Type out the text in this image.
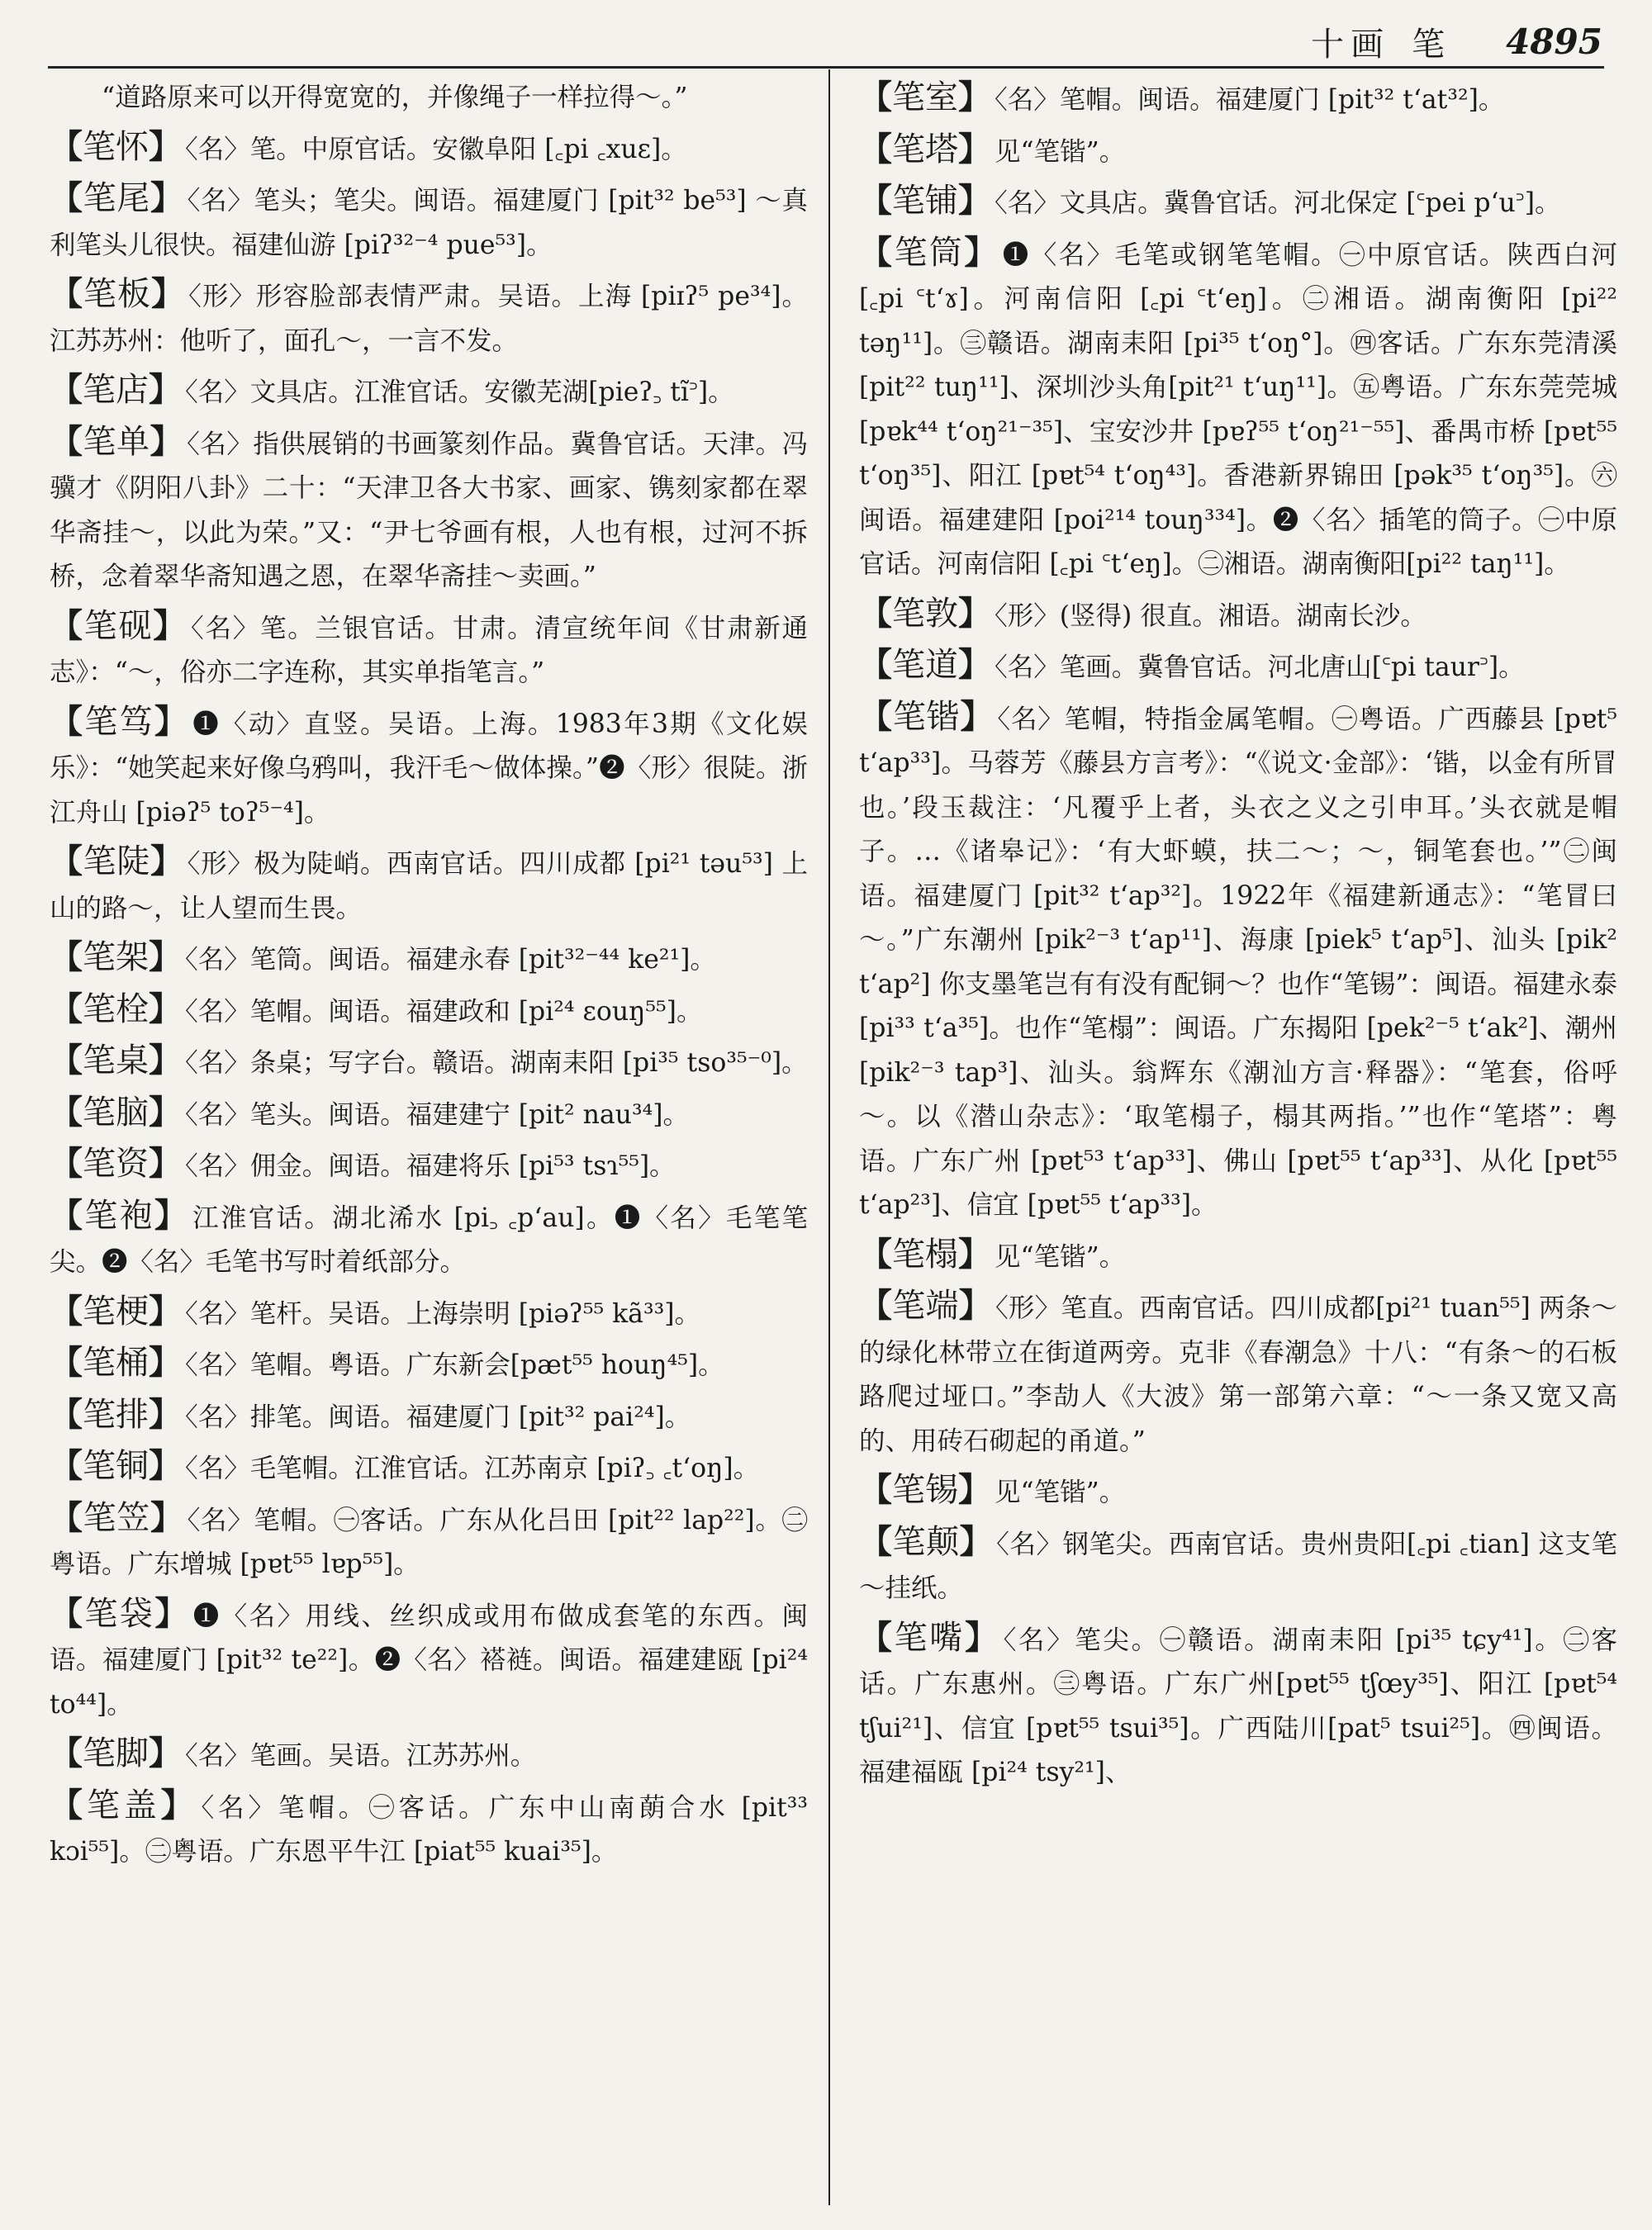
十画 笔 4895

“道路原来可以开得宽宽的，并像绳子一样拉得～。”

【笔怀】 〈名〉笔。中原官话。安徽阜阳 [꜀pi ꜀xuɛ]。

【笔尾】 〈名〉笔头；笔尖。闽语。福建厦门 [pit³² be⁵³] ～真利笔头儿很快。福建仙游 [piʔ³²⁻⁴ pue⁵³]。

【笔板】 〈形〉形容脸部表情严肃。吴语。上海 [piɪʔ⁵ pe³⁴]。江苏苏州：他听了，面孔～，一言不发。

【笔店】 〈名〉文具店。江淮官话。安徽芜湖[pieʔ꜆ tĩ꜄]。

【笔单】 〈名〉指供展销的书画篆刻作品。冀鲁官话。天津。冯骥才《阴阳八卦》二十：“天津卫各大书家、画家、镌刻家都在翠华斋挂～，以此为荣。”又：“尹七爷画有根，人也有根，过河不拆桥，念着翠华斋知遇之恩，在翠华斋挂～卖画。”

【笔砚】 〈名〉笔。兰银官话。甘肃。清宣统年间《甘肃新通志》：“～，俗亦二字连称，其实单指笔言。”

【笔笃】 ❶〈动〉直竖。吴语。上海。1983年3期《文化娱乐》：“她笑起来好像乌鸦叫，我汗毛～做体操。”❷〈形〉很陡。浙江舟山 [piəʔ⁵ toʔ⁵⁻⁴]。

【笔陡】 〈形〉极为陡峭。西南官话。四川成都 [pi²¹ təu⁵³] 上山的路～，让人望而生畏。

【笔架】 〈名〉笔筒。闽语。福建永春 [pit³²⁻⁴⁴ ke²¹]。

【笔栓】 〈名〉笔帽。闽语。福建政和 [pi²⁴ ɛouŋ⁵⁵]。

【笔桌】 〈名〉条桌；写字台。赣语。湖南耒阳 [pi³⁵ tso³⁵⁻⁰]。

【笔脑】 〈名〉笔头。闽语。福建建宁 [pit² nau³⁴]。

【笔资】 〈名〉佣金。闽语。福建将乐 [pi⁵³ tsɿ⁵⁵]。

【笔袍】 江淮官话。湖北浠水 [pi꜆ ꜀p‘au]。❶〈名〉毛笔笔尖。❷〈名〉毛笔书写时着纸部分。

【笔梗】 〈名〉笔杆。吴语。上海崇明 [piəʔ⁵⁵ kã³³]。

【笔桶】 〈名〉笔帽。粤语。广东新会[pæt⁵⁵ houŋ⁴⁵]。

【笔排】 〈名〉排笔。闽语。福建厦门 [pit³² pai²⁴]。

【笔铜】 〈名〉毛笔帽。江淮官话。江苏南京 [piʔ꜆ ꜀t‘oŋ]。

【笔笠】 〈名〉笔帽。㊀客话。广东从化吕田 [pit²² lap²²]。㊁粤语。广东增城 [pɐt⁵⁵ lɐp⁵⁵]。

【笔袋】 ❶〈名〉用线、丝织成或用布做成套笔的东西。闽语。福建厦门 [pit³² te²²]。❷〈名〉褡裢。闽语。福建建瓯 [pi²⁴ to⁴⁴]。

【笔脚】 〈名〉笔画。吴语。江苏苏州。

【笔盖】 〈名〉笔帽。㊀客话。广东中山南蓢合水 [pit³³ kɔi⁵⁵]。㊁粤语。广东恩平牛江 [piat⁵⁵ kuai³⁵]。

【笔室】 〈名〉笔帽。闽语。福建厦门 [pit³² t‘at³²]。

【笔塔】 见“笔锴”。

【笔铺】 〈名〉文具店。冀鲁官话。河北保定 [꜂pei p‘u꜄]。

【笔筒】 ❶〈名〉毛笔或钢笔笔帽。㊀中原官话。陕西白河 [꜀pi ꜂t‘ɤ]。河南信阳 [꜀pi ꜂t‘eŋ]。㊁湘语。湖南衡阳 [pi²² təŋ¹¹]。㊂赣语。湖南耒阳 [pi³⁵ t‘oŋ°]。㊃客话。广东东莞清溪 [pit²² tuŋ¹¹]、深圳沙头角[pit²¹ t‘uŋ¹¹]。㊄粤语。广东东莞莞城 [pɐk⁴⁴ t‘oŋ²¹⁻³⁵]、宝安沙井 [pɐʔ⁵⁵ t‘oŋ²¹⁻⁵⁵]、番禺市桥 [pɐt⁵⁵ t‘oŋ³⁵]、阳江 [pɐt⁵⁴ t‘oŋ⁴³]。香港新界锦田 [pək³⁵ t‘oŋ³⁵]。㊅闽语。福建建阳 [poi²¹⁴ touŋ³³⁴]。❷〈名〉插笔的筒子。㊀中原官话。河南信阳 [꜀pi ꜂t‘eŋ]。㊁湘语。湖南衡阳[pi²² taŋ¹¹]。

【笔敦】 〈形〉(竖得) 很直。湘语。湖南长沙。

【笔道】 〈名〉笔画。冀鲁官话。河北唐山[꜂pi taur꜄]。

【笔锴】 〈名〉笔帽，特指金属笔帽。㊀粤语。广西藤县 [pɐt⁵ t‘ap³³]。马蓉芳《藤县方言考》：“《说文·金部》：‘锴，以金有所冒也。’段玉裁注：‘凡覆乎上者，头衣之义之引申耳。’头衣就是帽子。…《诸皋记》：‘有大虾蟆，扶二～；～，铜笔套也。’”㊁闽语。福建厦门 [pit³² t‘ap³²]。1922年《福建新通志》：“笔冒曰～。”广东潮州 [pik²⁻³ t‘ap¹¹]、海康 [piek⁵ t‘ap⁵]、汕头 [pik² t‘ap²] 你支墨笔岂有有没有配铜～？也作“笔锡”：闽语。福建永泰 [pi³³ t‘a³⁵]。也作“笔榻”：闽语。广东揭阳 [pek²⁻⁵ t‘ak²]、潮州 [pik²⁻³ tap³]、汕头。翁辉东《潮汕方言·释器》：“笔套，俗呼～。以《潜山杂志》：‘取笔榻子，榻其两指。’”也作“笔塔”：粤语。广东广州 [pɐt⁵³ t‘ap³³]、佛山 [pɐt⁵⁵ t‘ap³³]、从化 [pɐt⁵⁵ t‘ap²³]、信宜 [pɐt⁵⁵ t‘ap³³]。

【笔榻】 见“笔锴”。

【笔端】 〈形〉笔直。西南官话。四川成都[pi²¹ tuan⁵⁵] 两条～的绿化林带立在街道两旁。克非《春潮急》十八：“有条～的石板路爬过垭口。”李劼人《大波》第一部第六章：“～一条又宽又高的、用砖石砌起的甬道。”

【笔锡】 见“笔锴”。

【笔颠】 〈名〉钢笔尖。西南官话。贵州贵阳[꜀pi ꜀tian] 这支笔～挂纸。

【笔嘴】 〈名〉笔尖。㊀赣语。湖南耒阳 [pi³⁵ tɕy⁴¹]。㊁客话。广东惠州。㊂粤语。广东广州[pɐt⁵⁵ tʃœy³⁵]、阳江 [pɐt⁵⁴ tʃui²¹]、信宜 [pɐt⁵⁵ tsui³⁵]。广西陆川[pat⁵ tsui²⁵]。㊃闽语。福建福瓯 [pi²⁴ tsy²¹]、
